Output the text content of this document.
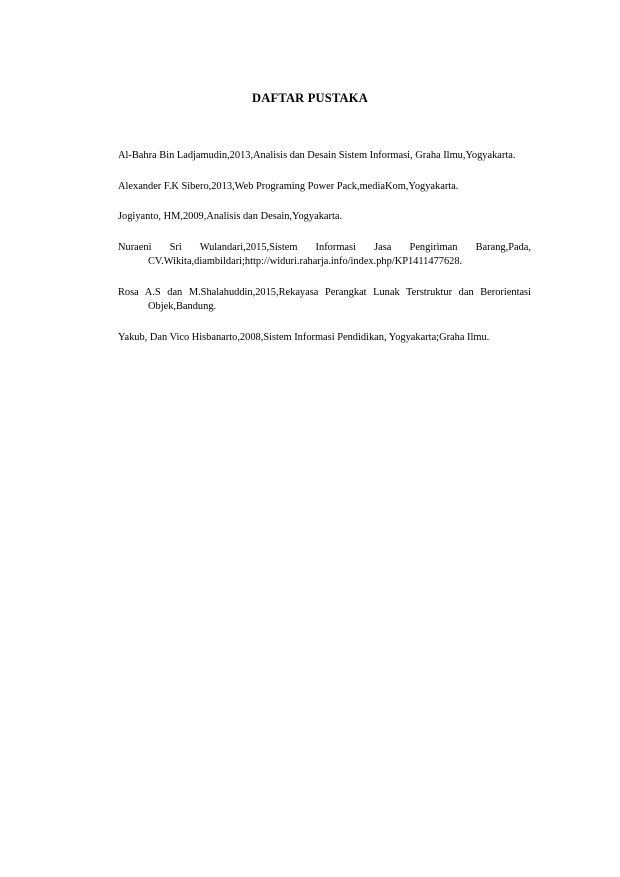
DAFTAR PUSTAKA

Al-Bahra Bin Ladjamudin,2013,Analisis dan Desain Sistem Informasi, Graha Ilmu,Yogyakarta.

Alexander F.K Sibero,2013,Web Programing Power Pack,mediaKom,Yogyakarta.

Jogiyanto, HM,2009,Analisis dan Desain,Yogyakarta.

Nuraeni Sri Wulandari,2015,Sistem Informasi Jasa Pengiriman Barang,Pada, CV.Wikita,diambildari;http://widuri.raharja.info/index.php/KP1411477628.

Rosa A.S dan M.Shalahuddin,2015,Rekayasa Perangkat Lunak Terstruktur dan Berorientasi Objek,Bandung.

Yakub, Dan Vico Hisbanarto,2008,Sistem Informasi Pendidikan, Yogyakarta;Graha Ilmu.
